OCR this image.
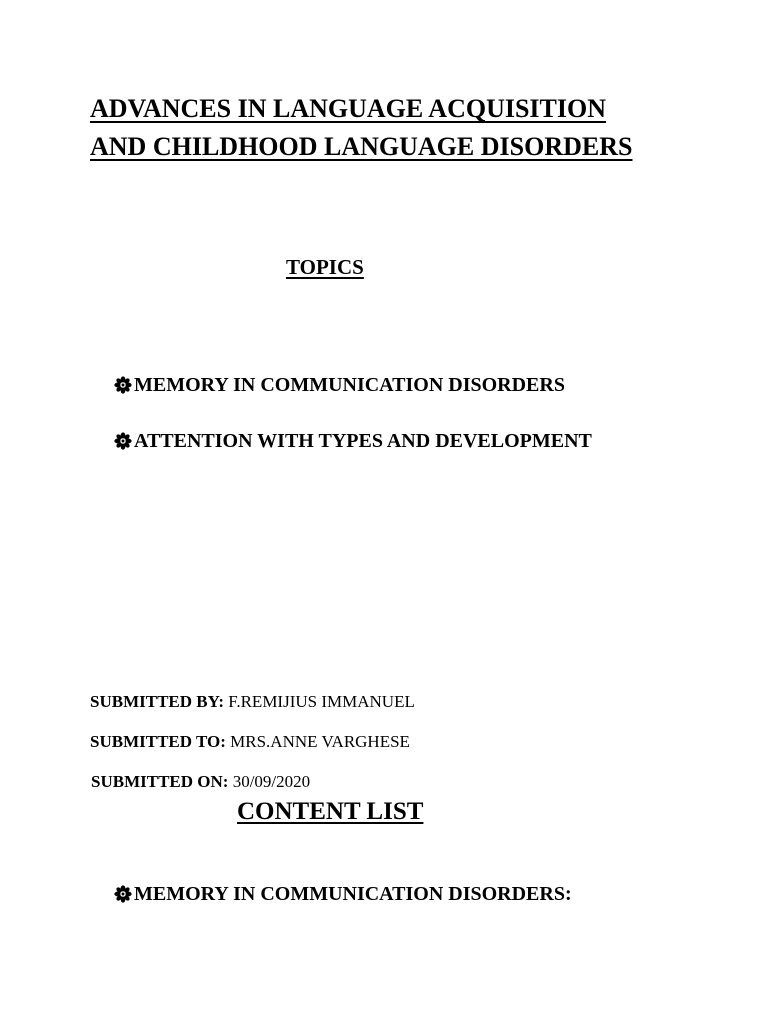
ADVANCES IN LANGUAGE ACQUISITION
AND CHILDHOOD LANGUAGE DISORDERS
TOPICS
MEMORY IN COMMUNICATION DISORDERS
ATTENTION WITH TYPES AND DEVELOPMENT
SUBMITTED BY: F.REMIJIUS IMMANUEL
SUBMITTED TO: MRS.ANNE VARGHESE
SUBMITTED ON: 30/09/2020
CONTENT LIST
MEMORY IN COMMUNICATION DISORDERS:
